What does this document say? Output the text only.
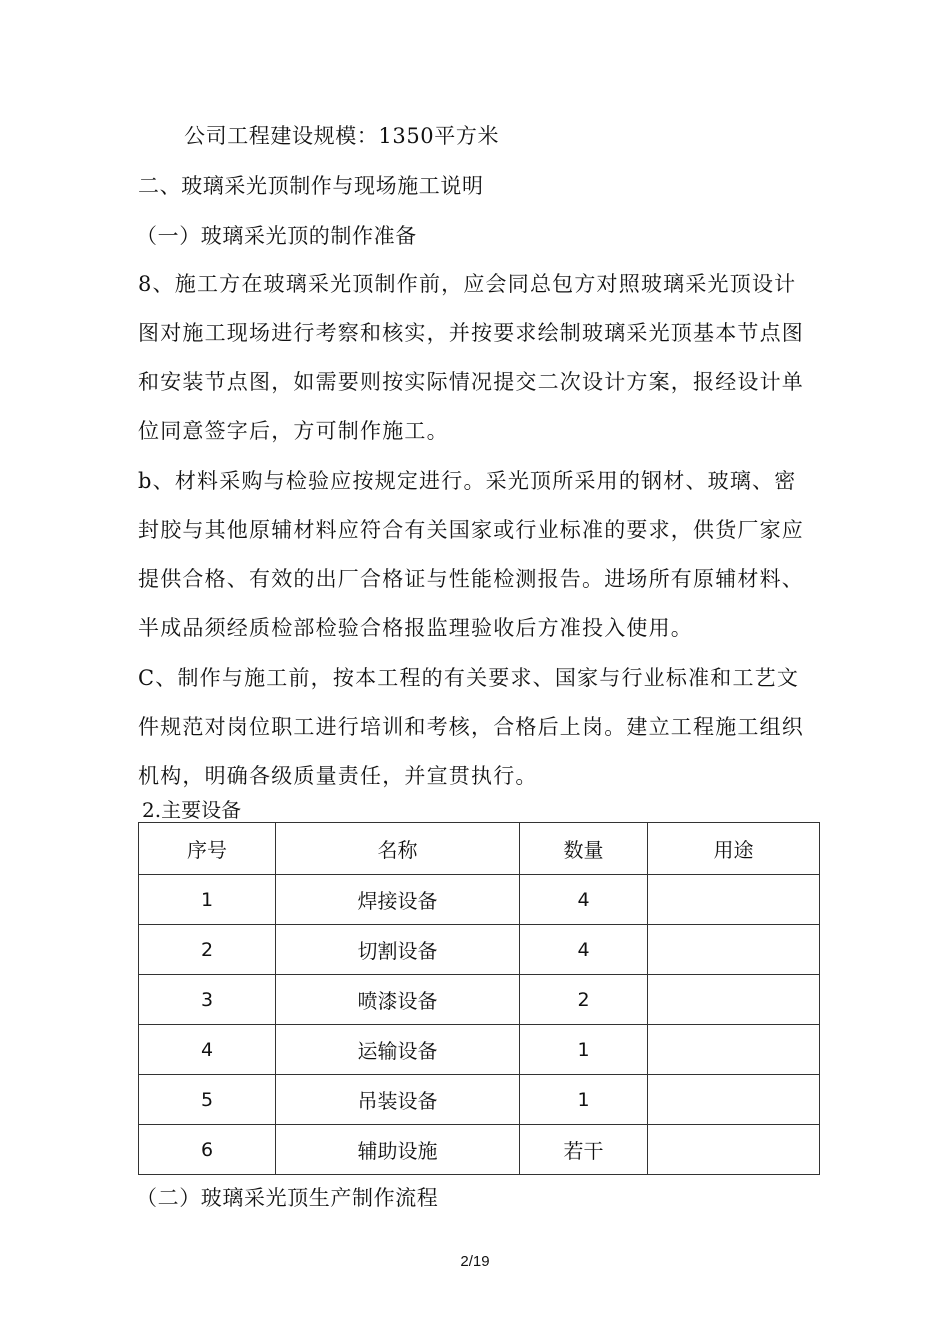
公司工程建设规模：1350平方米
二、玻璃采光顶制作与现场施工说明
（一）玻璃采光顶的制作准备
8、施工方在玻璃采光顶制作前，应会同总包方对照玻璃采光顶设计
图对施工现场进行考察和核实，并按要求绘制玻璃采光顶基本节点图
和安装节点图，如需要则按实际情况提交二次设计方案，报经设计单
位同意签字后，方可制作施工。
b、材料采购与检验应按规定进行。采光顶所采用的钢材、玻璃、密
封胶与其他原辅材料应符合有关国家或行业标准的要求，供货厂家应
提供合格、有效的出厂合格证与性能检测报告。进场所有原辅材料、
半成品须经质检部检验合格报监理验收后方准投入使用。
C、制作与施工前，按本工程的有关要求、国家与行业标准和工艺文
件规范对岗位职工进行培训和考核，合格后上岗。建立工程施工组织
机构，明确各级质量责任，并宣贯执行。
2.主要设备
序号	名称	数量	用途
1	焊接设备	4	
2	切割设备	4	
3	喷漆设备	2	
4	运输设备	1	
5	吊装设备	1	
6	辅助设施	若干	
（二）玻璃采光顶生产制作流程
2/19
